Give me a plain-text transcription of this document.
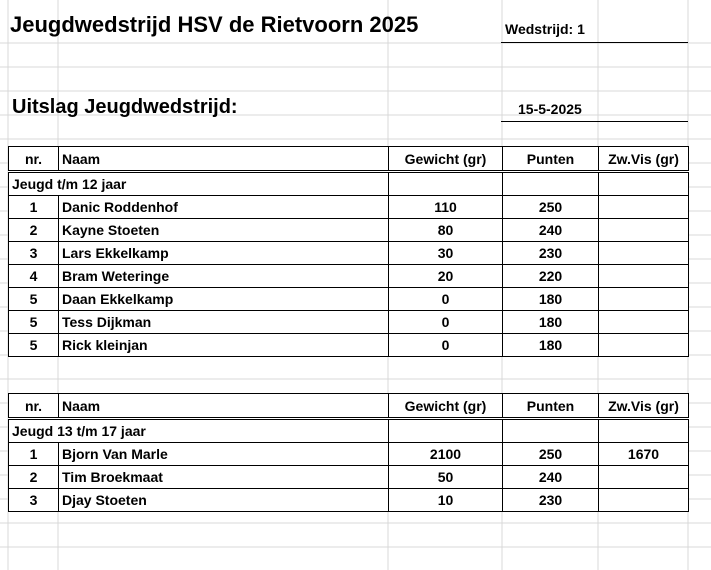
Jeugdwedstrijd HSV de Rietvoorn 2025	Wedstrijd: 1
Uitslag Jeugdwedstrijd:	15-5-2025
nr.	Naam	Gewicht (gr)	Punten	Zw.Vis (gr)
Jeugd t/m 12 jaar				
1	Danic Roddenhof	110	250	
2	Kayne Stoeten	80	240	
3	Lars Ekkelkamp	30	230	
4	Bram Weteringe	20	220	
5	Daan Ekkelkamp	0	180	
5	Tess Dijkman	0	180	
5	Rick kleinjan	0	180	
nr.	Naam	Gewicht (gr)	Punten	Zw.Vis (gr)
Jeugd 13 t/m 17 jaar				
1	Bjorn Van Marle	2100	250	1670
2	Tim Broekmaat	50	240	
3	Djay Stoeten	10	230	
